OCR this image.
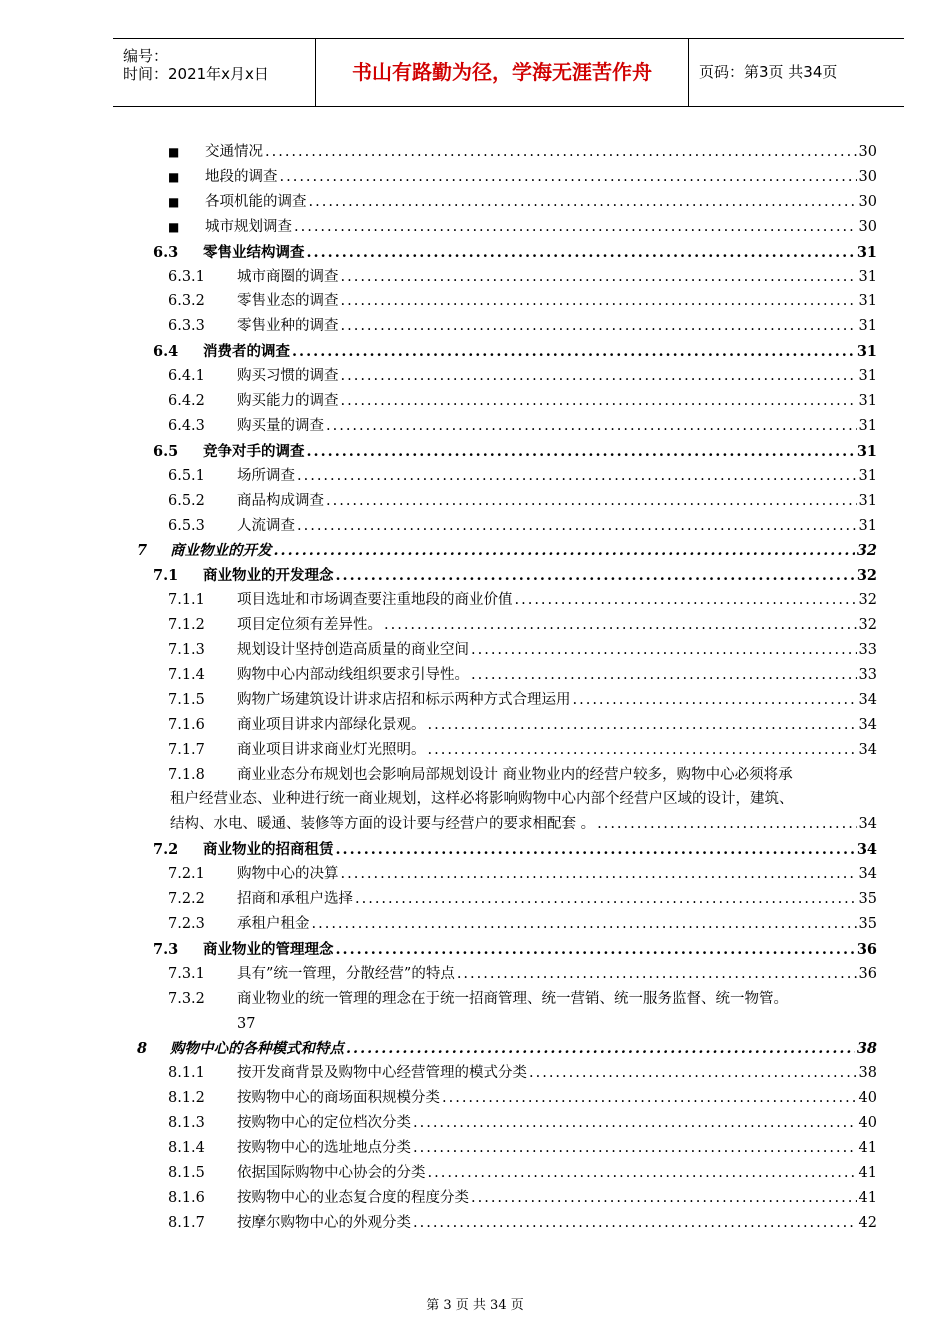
编号：
时间：2021年x月x日	书山有路勤为径，学海无涯苦作舟	页码：第3页 共34页
■	交通情况 .....	30
■	地段的调查 .....	30
■	各项机能的调查 .....	30
■	城市规划调查 .....	30
6.3	零售业结构调查 .....	31
6.3.1	城市商圈的调查 .....	31
6.3.2	零售业态的调查 .....	31
6.3.3	零售业种的调查 .....	31
6.4	消费者的调查 .....	31
6.4.1	购买习惯的调查 .....	31
6.4.2	购买能力的调查 .....	31
6.4.3	购买量的调查 .....	31
6.5	竞争对手的调查 .....	31
6.5.1	场所调查 .....	31
6.5.2	商品构成调查 .....	31
6.5.3	人流调查 .....	31
7	商业物业的开发 .....	32
7.1	商业物业的开发理念 .....	32
7.1.1	项目选址和市场调查要注重地段的商业价值 .....	32
7.1.2	项目定位须有差异性。 .....	32
7.1.3	规划设计坚持创造高质量的商业空间 .....	33
7.1.4	购物中心内部动线组织要求引导性。 .....	33
7.1.5	购物广场建筑设计讲求店招和标示两种方式合理运用 .....	34
7.1.6	商业项目讲求内部绿化景观。 .....	34
7.1.7	商业项目讲求商业灯光照明。 .....	34
7.1.8	商业业态分布规划也会影响局部规划设计 商业物业内的经营户较多，购物中心必须将承
租户经营业态、业种进行统一商业规划，这样必将影响购物中心内部个经营户区域的设计，建筑、
结构、水电、暖通、装修等方面的设计要与经营户的要求相配套 。 .....	34
7.2	商业物业的招商租赁 .....	34
7.2.1	购物中心的决算 .....	34
7.2.2	招商和承租户选择 .....	35
7.2.3	承租户租金 .....	35
7.3	商业物业的管理理念 .....	36
7.3.1	具有”统一管理，分散经营”的特点 .....	36
7.3.2	商业物业的统一管理的理念在于统一招商管理、统一营销、统一服务监督、统一物管。
37
8	购物中心的各种模式和特点 .....	38
8.1.1	按开发商背景及购物中心经营管理的模式分类 .....	38
8.1.2	按购物中心的商场面积规模分类 .....	40
8.1.3	按购物中心的定位档次分类 .....	40
8.1.4	按购物中心的选址地点分类 .....	41
8.1.5	依据国际购物中心协会的分类 .....	41
8.1.6	按购物中心的业态复合度的程度分类 .....	41
8.1.7	按摩尔购物中心的外观分类 .....	42
第 3 页 共 34 页
